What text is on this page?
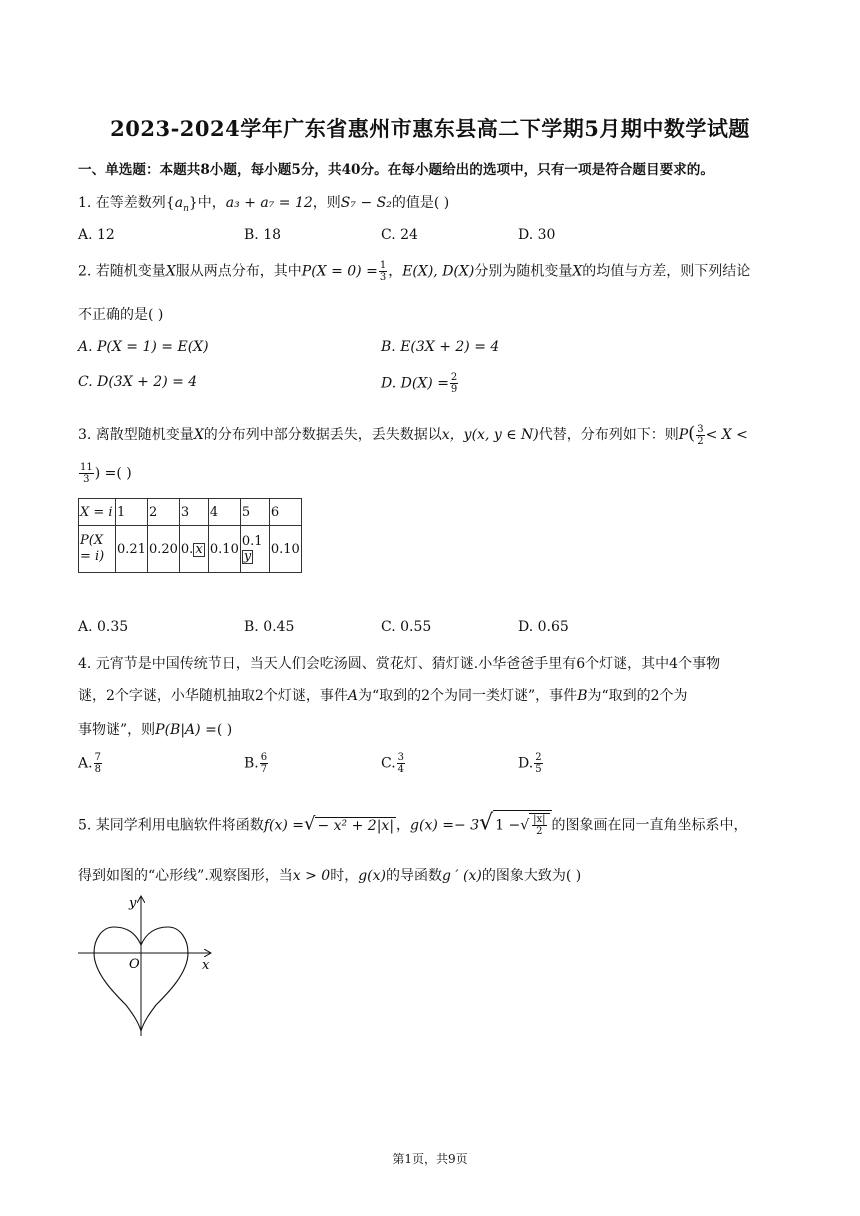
2023-2024学年广东省惠州市惠东县高二下学期5月期中数学试题
一、单选题：本题共8小题，每小题5分，共40分。在每小题给出的选项中，只有一项是符合题目要求的。
1. 在等差数列$\{a_n\}$中，a₃ + a₇ = 12，则S₇ − S₂的值是( )
A. 12	B. 18	C. 24	D. 30
2. 若随机变量X服从两点分布，其中$P(X = 0) = \frac{1}{3}$ ，E(X), D(X)分别为随机变量X的均值与方差，则下列结论
不正确的是( )
A. P(X = 1) = E(X)	B. E(3X + 2) = 4
C. D(3X + 2) = 4	D. $D(X) = \frac{2}{9}$
3. 离散型随机变量X的分布列中部分数据丢失，丢失数据以x，y(x, y ∈ N)代替，分布列如下：则$P( \frac{3}{2} < X$ <
$\frac{11}{3}$ ) =( )
X = i	1	2	3	4	5	6
P(X = i)	0.21	0.20	0. x	0.10	0.1y	0.10
A. 0.35	B. 0.45	C. 0.55	D. 0.65
4. 元宵节是中国传统节日，当天人们会吃汤圆、赏花灯、猜灯谜.小华爸爸手里有6个灯谜，其中4个事物
谜，2个字谜，小华随机抽取2个灯谜，事件A为“取到的2个为同一类灯谜”，事件B为“取到的2个为
事物谜”，则P(B|A) =( )
A. $\frac{7}{8}$	B. $\frac{6}{7}$	C. $\frac{3}{4}$	D. $\frac{2}{5}$
5. 某同学利用电脑软件将函数f(x) =√ − x² + 2|x| ，g(x) =− 3√ 1 −√ $\frac{|x|}{2}$ 的图象画在同一直角坐标系中，
得到如图的“心形线”.观察图形，当x > 0时，g(x)的导函数g ′ (x)的图象大致为( )
y
O	x
第1页，共9页
